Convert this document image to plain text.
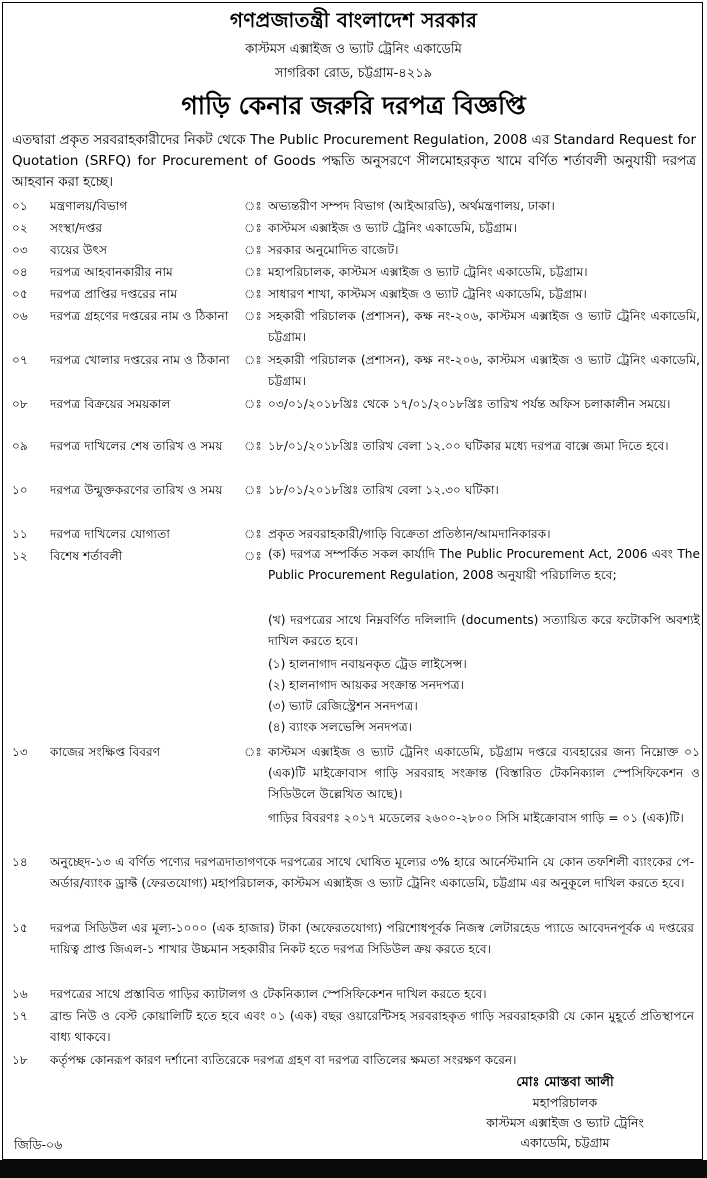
গণপ্রজাতন্ত্রী বাংলাদেশ সরকার
কাস্টমস এক্সাইজ ও ভ্যাট ট্রেনিং একাডেমি
সাগরিকা রোড, চট্টগ্রাম-৪২১৯
গাড়ি কেনার জরুরি দরপত্র বিজ্ঞপ্তি

এতদ্বারা প্রকৃত সরবরাহকারীদের নিকট থেকে The Public Procurement Regulation, 2008 এর Standard Request for Quotation (SRFQ) for Procurement of Goods পদ্ধতি অনুসরণে সীলমোহরকৃত খামে বর্ণিত শর্তাবলী অনুযায়ী দরপত্র আহবান করা হচ্ছে।

০১	মন্ত্রণালয়/বিভাগ	ঃ অভ্যন্তরীণ সম্পদ বিভাগ (আইআরডি), অর্থমন্ত্রণালয়, ঢাকা।
০২	সংস্থা/দপ্তর	ঃ কাস্টমস এক্সাইজ ও ভ্যাট ট্রেনিং একাডেমি, চট্টগ্রাম।
০৩	ব্যয়ের উৎস	ঃ সরকার অনুমোদিত বাজেট।
০৪	দরপত্র আহবানকারীর নাম	ঃ মহাপরিচালক, কাস্টমস এক্সাইজ ও ভ্যাট ট্রেনিং একাডেমি, চট্টগ্রাম।
০৫	দরপত্র প্রাপ্তির দপ্তরের নাম	ঃ সাধারণ শাখা, কাস্টমস এক্সাইজ ও ভ্যাট ট্রেনিং একাডেমি, চট্টগ্রাম।
০৬	দরপত্র গ্রহণের দপ্তরের নাম ও ঠিকানা	ঃ সহকারী পরিচালক (প্রশাসন), কক্ষ নং-২০৬, কাস্টমস এক্সাইজ ও ভ্যাট ট্রেনিং একাডেমি, চট্টগ্রাম।
০৭	দরপত্র খোলার দপ্তরের নাম ও ঠিকানা	ঃ সহকারী পরিচালক (প্রশাসন), কক্ষ নং-২০৬, কাস্টমস এক্সাইজ ও ভ্যাট ট্রেনিং একাডেমি, চট্টগ্রাম।
০৮	দরপত্র বিক্রয়ের সময়কাল	ঃ ০৩/০১/২০১৮খ্রিঃ থেকে ১৭/০১/২০১৮খ্রিঃ তারিখ পর্যন্ত অফিস চলাকালীন সময়ে।
০৯	দরপত্র দাখিলের শেষ তারিখ ও সময়	ঃ ১৮/০১/২০১৮খ্রিঃ তারিখ বেলা ১২.০০ ঘটিকার মধ্যে দরপত্র বাক্সে জমা দিতে হবে।
১০	দরপত্র উন্মুক্তকরণের তারিখ ও সময়	ঃ ১৮/০১/২০১৮খ্রিঃ তারিখ বেলা ১২.৩০ ঘটিকা।
১১	দরপত্র দাখিলের যোগ্যতা	ঃ প্রকৃত সরবরাহকারী/গাড়ি বিক্রেতা প্রতিষ্ঠান/আমদানিকারক।
১২	বিশেষ শর্তাবলী	ঃ (ক) দরপত্র সম্পর্কিত সকল কার্যাদি The Public Procurement Act, 2006 এবং The Public Procurement Regulation, 2008 অনুযায়ী পরিচালিত হবে;
(খ) দরপত্রের সাথে নিম্নবর্ণিত দলিলাদি (documents) সত্যায়িত করে ফটোকপি অবশ্যই দাখিল করতে হবে।
(১) হালনাগাদ নবায়নকৃত ট্রেড লাইসেন্স।
(২) হালনাগাদ আয়কর সংক্রান্ত সনদপত্র।
(৩) ভ্যাট রেজিস্ট্রেশন সনদপত্র।
(৪) ব্যাংক সলভেন্সি সনদপত্র।
১৩	কাজের সংক্ষিপ্ত বিবরণ	ঃ কাস্টমস এক্সাইজ ও ভ্যাট ট্রেনিং একাডেমি, চট্টগ্রাম দপ্তরে ব্যবহারের জন্য নিম্নোক্ত ০১ (এক)টি মাইক্রোবাস গাড়ি সরবরাহ সংক্রান্ত (বিস্তারিত টেকনিক্যাল স্পেসিফিকেশন ও সিডিউলে উল্লেখিত আছে)।
গাড়ির বিবরণঃ ২০১৭ মডেলের ২৬০০-২৮০০ সিসি মাইক্রোবাস গাড়ি = ০১ (এক)টি।
১৪	অনুচ্ছেদ-১৩ এ বর্ণিত পণ্যের দরপত্রদাতাগণকে দরপত্রের সাথে ঘোষিত মূল্যের ৩% হারে আর্নেস্টমানি যে কোন তফশিলী ব্যাংকের পে-অর্ডার/ব্যাংক ড্রাফ্ট (ফেরতযোগ্য) মহাপরিচালক, কাস্টমস এক্সাইজ ও ভ্যাট ট্রেনিং একাডেমি, চট্টগ্রাম এর অনুকূলে দাখিল করতে হবে।
১৫	দরপত্র সিডিউল এর মূল্য-১০০০ (এক হাজার) টাকা (অফেরতযোগ্য) পরিশোধপূর্বক নিজস্ব লেটারহেড প্যাডে আবেদনপূর্বক এ দপ্তরের দায়িত্ব প্রাপ্ত জিএল-১ শাখার উচ্চমান সহকারীর নিকট হতে দরপত্র সিডিউল ক্রয় করতে হবে।
১৬	দরপত্রের সাথে প্রস্তাবিত গাড়ির ক্যাটালগ ও টেকনিক্যাল স্পেসিফিকেশন দাখিল করতে হবে।
১৭	ব্রান্ড নিউ ও বেস্ট কোয়ালিটি হতে হবে এবং ০১ (এক) বছর ওয়ারেন্টিসহ সরবরাহকৃত গাড়ি সরবরাহকারী যে কোন মুহূর্তে প্রতিস্থাপনে বাধ্য থাকবে।
১৮	কর্তৃপক্ষ কোনরূপ কারণ দর্শানো ব্যতিরেকে দরপত্র গ্রহণ বা দরপত্র বাতিলের ক্ষমতা সংরক্ষণ করেন।
মোঃ মোস্তবা আলী
মহাপরিচালক
কাস্টমস এক্সাইজ ও ভ্যাট ট্রেনিং
একাডেমি, চট্টগ্রাম
জিডি-০৬
